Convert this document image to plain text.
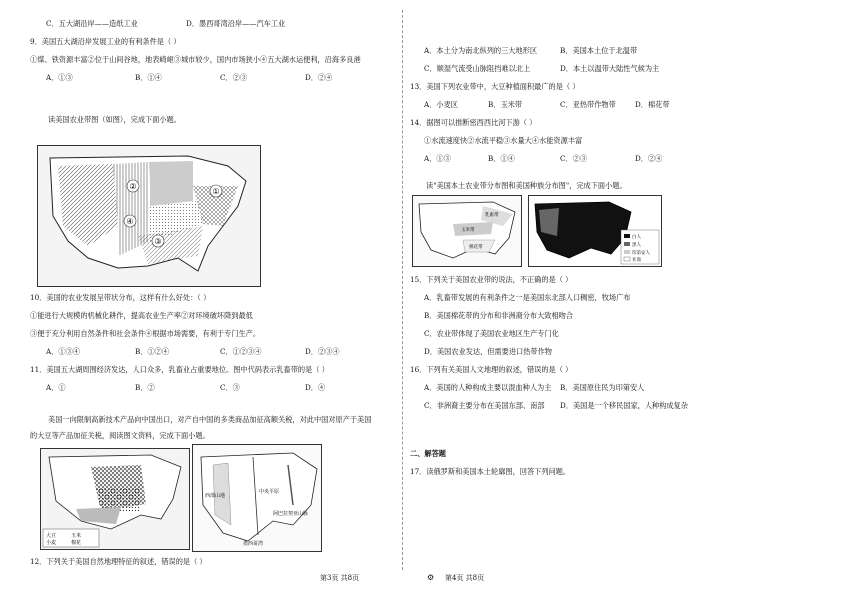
C．五大湖沿岸——造纸工业	D．墨西哥湾沿岸——汽车工业
9．美国五大湖沿岸发展工业的有利条件是（ ）
①煤、铁资源丰富②位于山间谷地，地表崎岖③城市较少，国内市场狭小④五大湖水运便利，沿海多良港
A．①③	B．①④	C．②③	D．②④
读美国农业带图（如图），完成下面小题。
②
①
④
③
10．美国的农业发展呈带状分布，这样有什么好处：（ ）
①能进行大规模的机械化耕作，提高农业生产率②对环境破坏降到最低
③便于充分利用自然条件和社会条件④根据市场需要，有利于专门生产。
A．①③④	B．①②④	C．①②③④	D．②③④
11．美国五大湖周围经济发达，人口众多，乳畜业占重要地位。图中代码表示乳畜带的是（ ）
A．①	B．②	C．③	D．④
美国一向限制高新技术产品向中国出口，对产自中国的多类商品加征高额关税，对此中国对原产于美国
的大豆等产品加征关税，阅读图文资料，完成下面小题。
大豆	玉米
小麦	棉花
西部山地
中央平原
阿巴拉契亚山脉
墨西哥湾
12．下列关于美国自然地理特征的叙述，错误的是（ ）
A．本土分为南北纵列的三大地形区	B．美国本土位于北温带
C．顺湿气流受山脉阻挡难以北上	D．本土以温带大陆性气候为主
13．美国下列农业带中，大豆种植面积最广的是（ ）
A．小麦区	B．玉米带	C．亚热带作物带	D．棉花带
14．据图可以推断密西西比河下游（ ）
①水流速度快②水流平稳③水量大④水能资源丰富
A．①③	B．①④	C．②③	D．②④
读"美国本土农业带分布图和美国种族分布图"，完成下面小题。
乳畜带
玉米带
棉花带
白人
黑人
印第安人
亚裔
15．下列关于美国农业带的说法，不正确的是（ ）
A．乳畜带发展的有利条件之一是美国东北部人口稠密，牧场广布
B．美国棉花带的分布和非洲裔分布大致相吻合
C．农业带体现了美国农业地区生产专门化
D．美国农业发达，但需要进口热带作物
16．下列有关美国人文地理的叙述，错误的是（ ）
A．美国的人种构成主要以混血种人为主 B．美国原住民为印第安人
C．非洲裔主要分布在美国东部、南部 D．美国是一个移民国家，人种构成复杂
二、解答题
17．读俄罗斯和美国本土轮廓图，回答下列问题。
第3页 共8页	⚙ 第4页 共8页
